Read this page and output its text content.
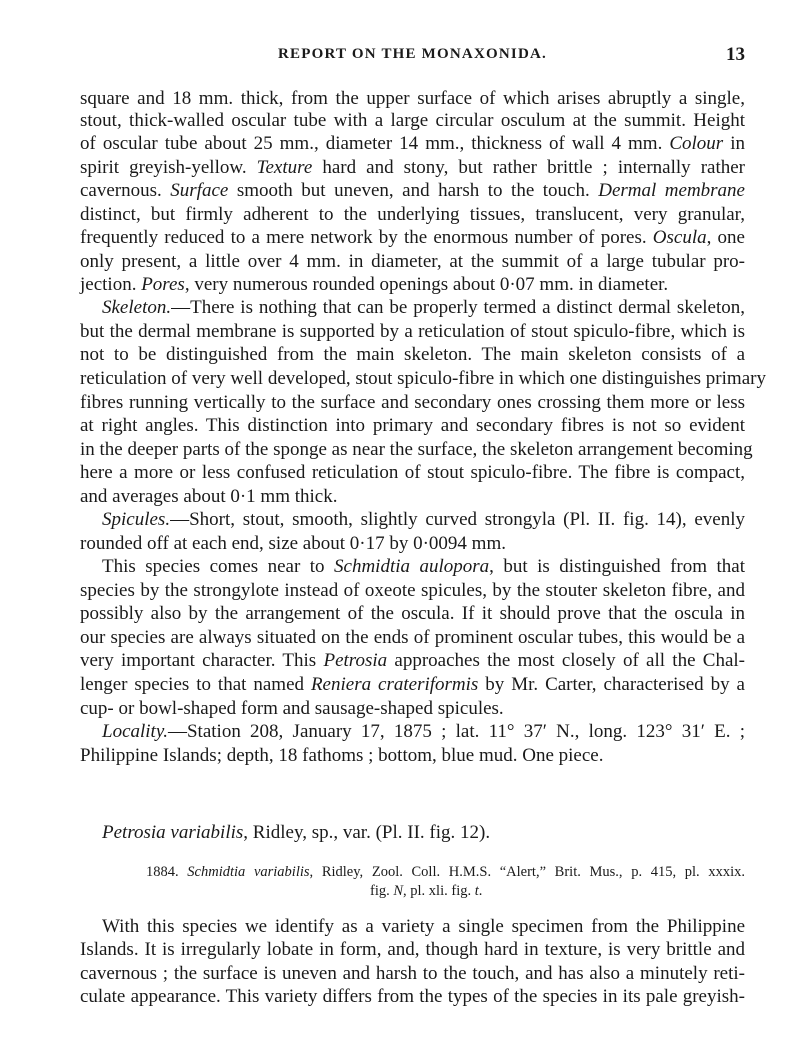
REPORT ON THE MONAXONIDA.	13
square and 18 mm. thick, from the upper surface of which arises abruptly a single,
stout, thick-walled oscular tube with a large circular osculum at the summit. Height
of oscular tube about 25 mm., diameter 14 mm., thickness of wall 4 mm. Colour in
spirit greyish-yellow. Texture hard and stony, but rather brittle ; internally rather
cavernous. Surface smooth but uneven, and harsh to the touch. Dermal membrane
distinct, but firmly adherent to the underlying tissues, translucent, very granular,
frequently reduced to a mere network by the enormous number of pores. Oscula, one
only present, a little over 4 mm. in diameter, at the summit of a large tubular pro-
jection. Pores, very numerous rounded openings about 0·07 mm. in diameter.
Skeleton.—There is nothing that can be properly termed a distinct dermal skeleton,
but the dermal membrane is supported by a reticulation of stout spiculo-fibre, which is
not to be distinguished from the main skeleton. The main skeleton consists of a
reticulation of very well developed, stout spiculo-fibre in which one distinguishes primary
fibres running vertically to the surface and secondary ones crossing them more or less
at right angles. This distinction into primary and secondary fibres is not so evident
in the deeper parts of the sponge as near the surface, the skeleton arrangement becoming
here a more or less confused reticulation of stout spiculo-fibre. The fibre is compact,
and averages about 0·1 mm thick.
Spicules.—Short, stout, smooth, slightly curved strongyla (Pl. II. fig. 14), evenly
rounded off at each end, size about 0·17 by 0·0094 mm.
This species comes near to Schmidtia aulopora, but is distinguished from that
species by the strongylote instead of oxeote spicules, by the stouter skeleton fibre, and
possibly also by the arrangement of the oscula. If it should prove that the oscula in
our species are always situated on the ends of prominent oscular tubes, this would be a
very important character. This Petrosia approaches the most closely of all the Chal-
lenger species to that named Reniera crateriformis by Mr. Carter, characterised by a
cup- or bowl-shaped form and sausage-shaped spicules.
Locality.—Station 208, January 17, 1875 ; lat. 11° 37′ N., long. 123° 31′ E. ;
Philippine Islands; depth, 18 fathoms ; bottom, blue mud. One piece.
Petrosia variabilis, Ridley, sp., var. (Pl. II. fig. 12).
1884. Schmidtia variabilis, Ridley, Zool. Coll. H.M.S. “Alert,” Brit. Mus., p. 415, pl. xxxix.
fig. N, pl. xli. fig. t.
With this species we identify as a variety a single specimen from the Philippine
Islands. It is irregularly lobate in form, and, though hard in texture, is very brittle and
cavernous ; the surface is uneven and harsh to the touch, and has also a minutely reti-
culate appearance. This variety differs from the types of the species in its pale greyish-
